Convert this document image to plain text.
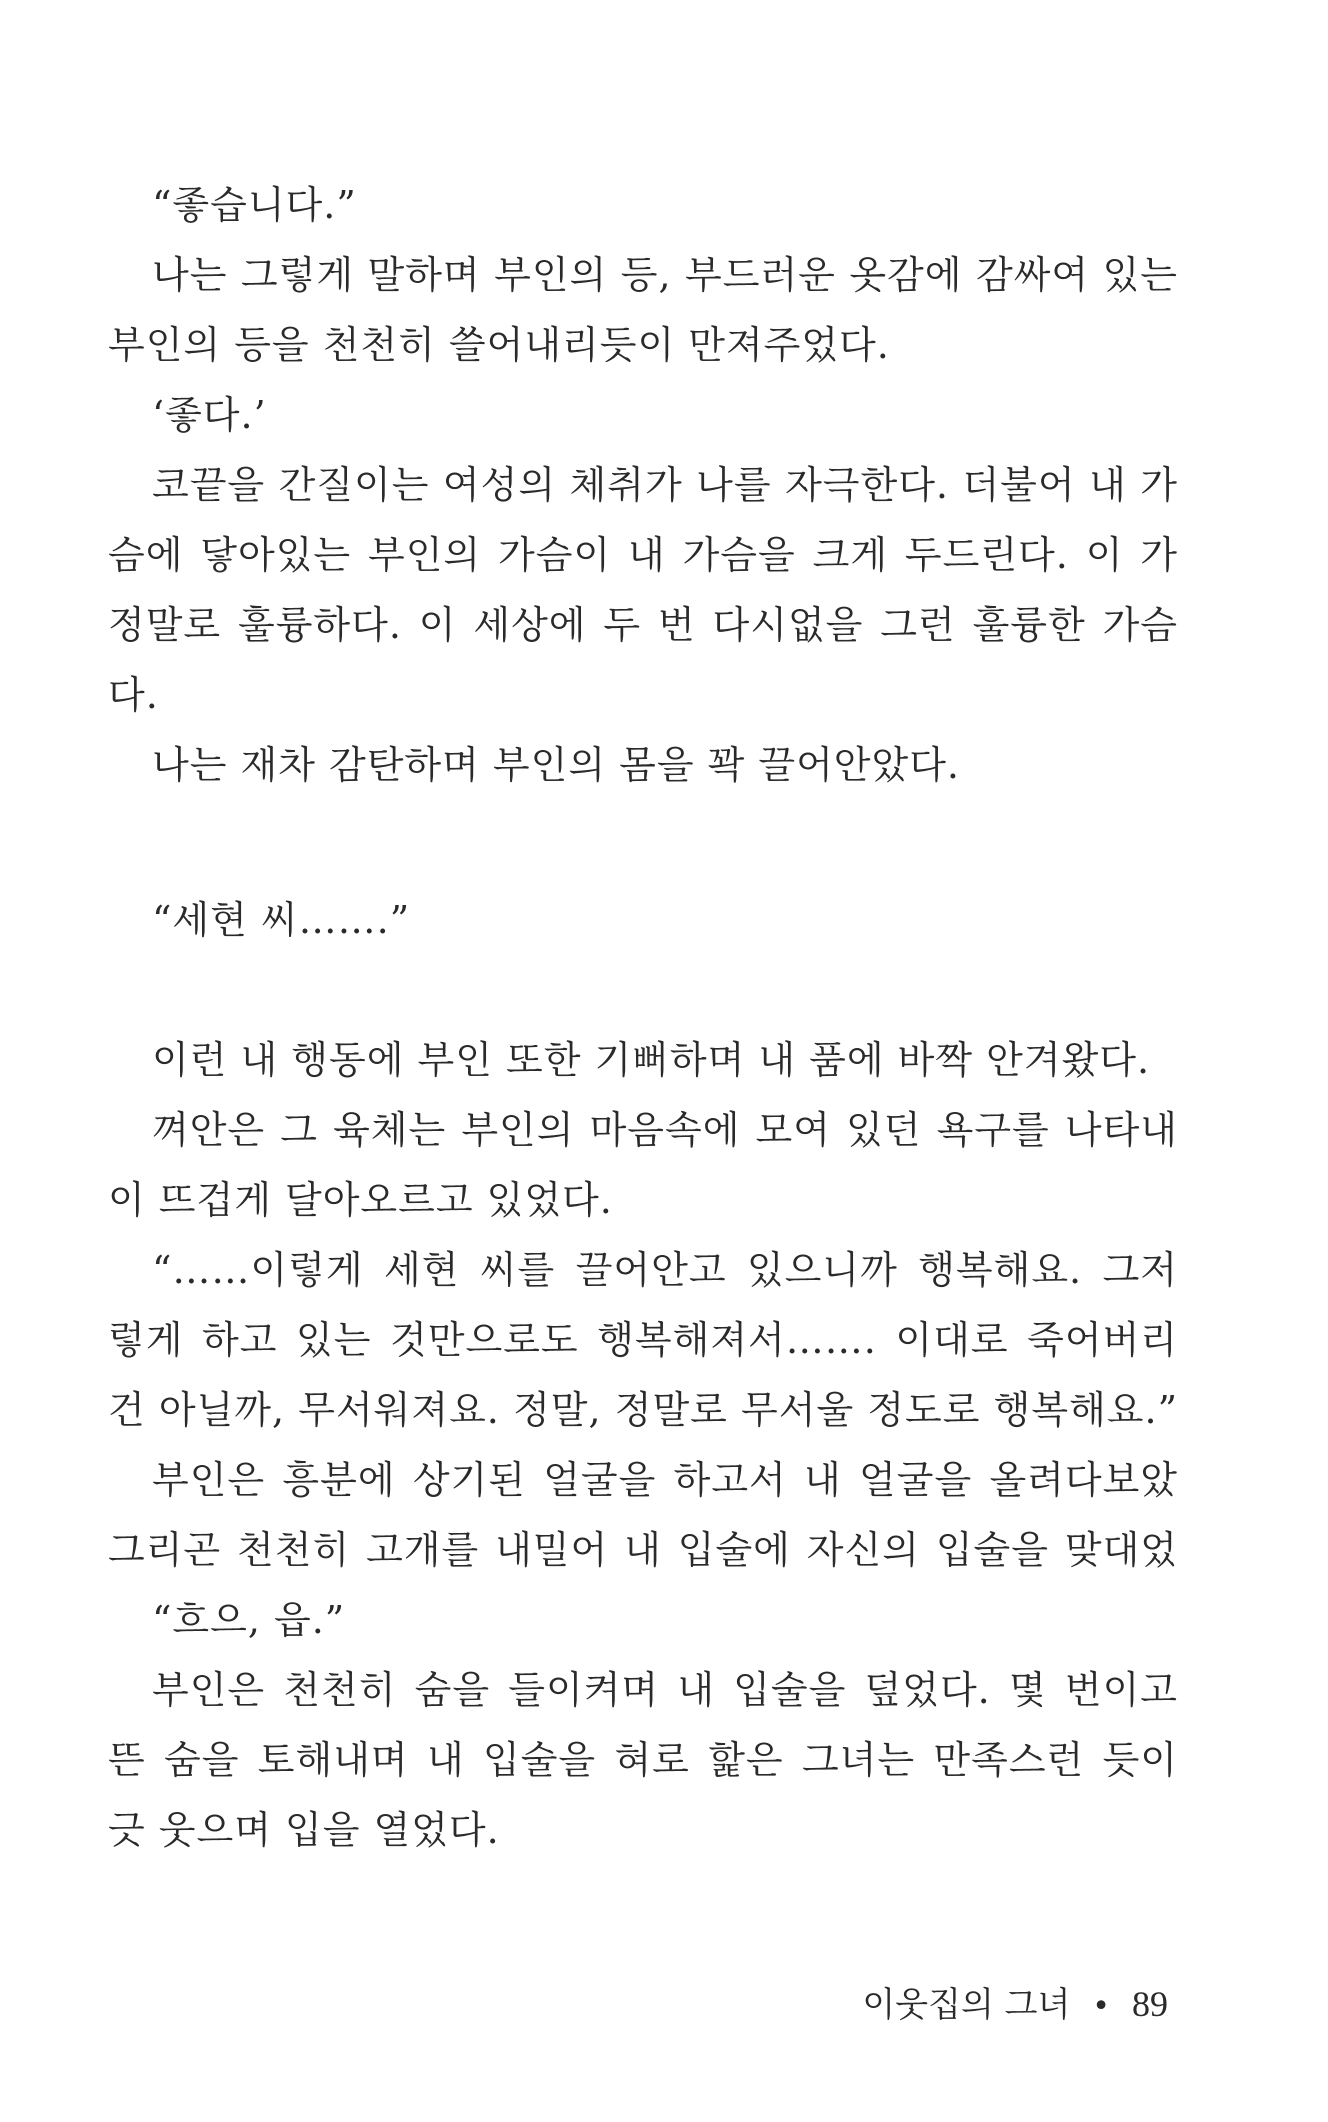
“좋습니다.”
나는 그렇게 말하며 부인의 등, 부드러운 옷감에 감싸여 있는
부인의 등을 천천히 쓸어내리듯이 만져주었다.
‘좋다.’
코끝을 간질이는 여성의 체취가 나를 자극한다. 더불어 내 가
슴에 닿아있는 부인의 가슴이 내 가슴을 크게 두드린다. 이 가
정말로 훌륭하다. 이 세상에 두 번 다시없을 그런 훌륭한 가슴
다.
나는 재차 감탄하며 부인의 몸을 꽉 끌어안았다.
“세현 씨…….”
이런 내 행동에 부인 또한 기뻐하며 내 품에 바짝 안겨왔다.
껴안은 그 육체는 부인의 마음속에 모여 있던 욕구를 나타내
이 뜨겁게 달아오르고 있었다.
“……이렇게 세현 씨를 끌어안고 있으니까 행복해요. 그저
렇게 하고 있는 것만으로도 행복해져서……. 이대로 죽어버리
건 아닐까, 무서워져요. 정말, 정말로 무서울 정도로 행복해요.”
부인은 흥분에 상기된 얼굴을 하고서 내 얼굴을 올려다보았
그리곤 천천히 고개를 내밀어 내 입술에 자신의 입술을 맞대었
“흐으, 읍.”
부인은 천천히 숨을 들이켜며 내 입술을 덮었다. 몇 번이고
뜬 숨을 토해내며 내 입술을 혀로 핥은 그녀는 만족스런 듯이
긋 웃으며 입을 열었다.
이웃집의 그녀 • 89
